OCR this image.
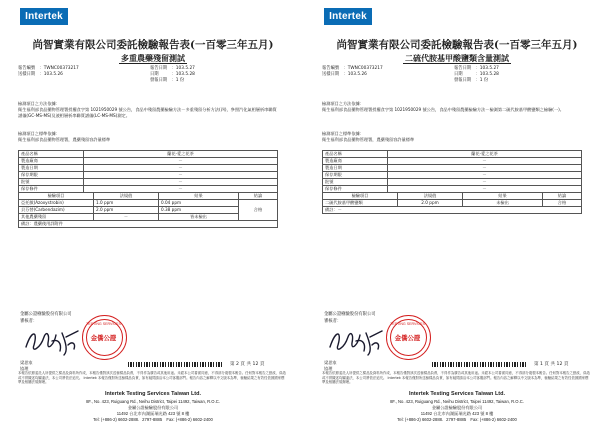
Intertek
尚智實業有限公司委託檢驗報告表(一百零三年五月)
多重農藥殘留測試
報告編號　：TWNC00373217
送樣日期　：103.5.26
報告日期　：103.5.27
日期　　　：103.5.28
發報日期　：1 份
檢測項目之方法依據：
衛生福利部食品藥物管理署授權食字第 1021950029 號公告，食品中殘留農藥檢驗方法－多重殘留分析方法(四)，參照汽化氣相層析串聯質譜儀(GC-MS-MS)及液相層析串聯質譜儀(LC-MS-MS)測定。
檢測項目之標準依據：
衛生福利部食品藥物管理署，農藥殘留容許量標準
產品名稱	蘭花-愛之花茶
製造廠商	－
製造日期	－
保存期限	－
批號	－
保存條件	－
檢驗項目	法規值	結果	結論
亞托敏(Azoxystrobin)	1.0 ppm	0.04 ppm	合格
貝芬替(Carbendazim)	2.0 ppm	0.38 ppm	
其他農藥殘留	－	皆未檢出	
備註：農藥使用詳附件			
金屬公證檢驗股份有限公司
審核者：	TESTING SERVICES
金僑公證
梁思家
協理
第 2 頁 共 12 頁
本報告依據委託人所提供之樣品及資料所作成，本報告僅對該次送檢樣品負責，不得作為廣告或其他用途。未經本公司書面同意，不得部分複製本報告。任何對本報告之竄改、偽造或不實陳述均屬違法，本公司將依法追究。 Intertek 本報告僅對所送檢樣品負責，如有疑問請洽本公司客服部門。報告內容之解釋以中文版本為準，檢驗結果之有效性依據國家標準及相關法規辦理。
Intertek Testing Services Taiwan Ltd.
8F., No. 423, Ruiguang Rd., Neihu District, Taipei 11492, Taiwan, R.O.C.
金屬公證檢驗股份有限公司
11492 台北市內湖區瑞光路 423 號 8 樓
Tel: (+886-2) 6602-2888．2797-8885　Fax: (+886-2) 6602-2400
Intertek
尚智實業有限公司委託檢驗報告表(一百零三年五月)
二硫代胺基甲酸鹽類含量測試
報告編號　：TWNC00373217
送樣日期　：103.5.26
報告日期　：103.5.27
日期　　　：103.5.28
發報日期　：1 份
檢測項目之方法依據：
衛生福利部食品藥物管理署授權食字第 1021950029 號公告，食品中殘留農藥檢驗方法－檢測第二硫代胺基甲酸鹽類之檢驗(一)。
檢測項目之標準依據：
衛生福利部食品藥物管理署，農藥殘留容許量標準
產品名稱	蘭花-愛之花茶
製造廠商	－
製造日期	－
保存期限	－
批號	－
保存條件	－
檢驗項目	法規值	結果	結論
二硫代胺基甲酸鹽類	2.0 ppm	未檢出	合格
備註：－			
金屬公證檢驗股份有限公司
審核者：	TESTING SERVICES
金僑公證
梁思家
協理
第 1 頁 共 12 頁
本報告依據委託人所提供之樣品及資料所作成，本報告僅對該次送檢樣品負責，不得作為廣告或其他用途。未經本公司書面同意，不得部分複製本報告。任何對本報告之竄改、偽造或不實陳述均屬違法，本公司將依法追究。 Intertek 本報告僅對所送檢樣品負責，如有疑問請洽本公司客服部門。報告內容之解釋以中文版本為準，檢驗結果之有效性依據國家標準及相關法規辦理。
Intertek Testing Services Taiwan Ltd.
8F., No. 423, Ruiguang Rd., Neihu District, Taipei 11492, Taiwan, R.O.C.
金屬公證檢驗股份有限公司
11492 台北市內湖區瑞光路 423 號 8 樓
Tel: (+886-2) 6602-2888．2797-8885　Fax: (+886-2) 6602-2400
